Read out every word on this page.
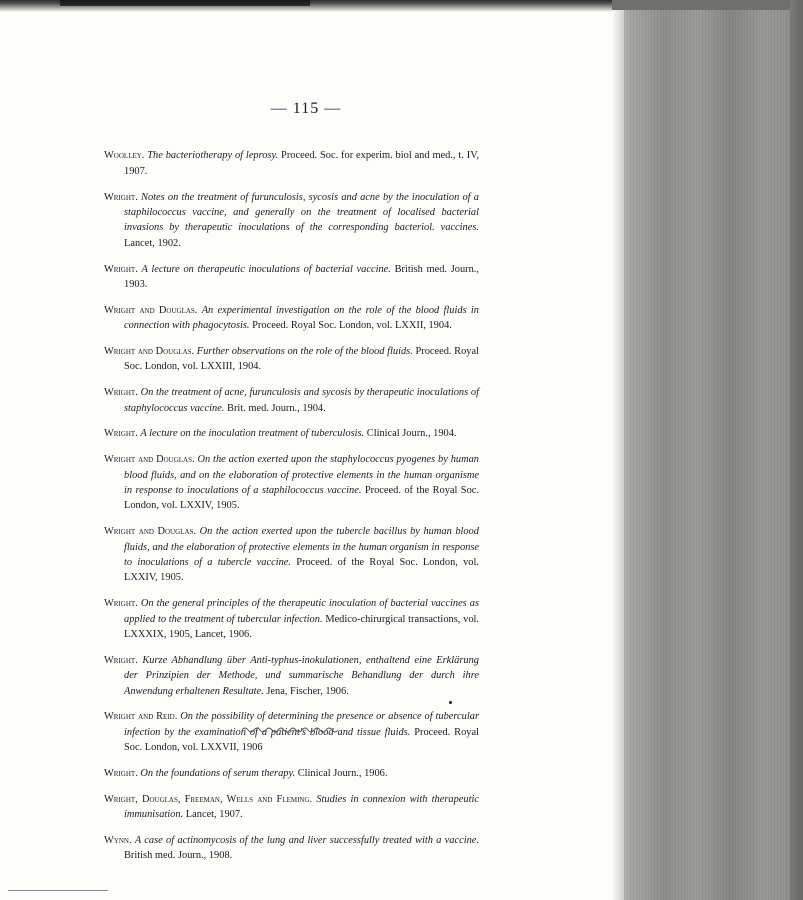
— 115 —

Woolley. The bacteriotherapy of leprosy. Proceed. Soc. for experim. biol and med., t. IV, 1907.

Wright. Notes on the treatment of furunculosis, sycosis and acne by the inoculation of a staphilococcus vaccine, and generally on the treatment of localised bacterial invasions by therapeutic inoculations of the corresponding bacteriol. vaccines. Lancet, 1902.

Wright. A lecture on therapeutic inoculations of bacterial vaccine. British med. Journ., 1903.

Wright and Douglas. An experimental investigation on the role of the blood fluids in connection with phagocytosis. Proceed. Royal Soc. London, vol. LXXII, 1904.

Wright and Douglas. Further observations on the role of the blood fluids. Proceed. Royal Soc. London, vol. LXXIII, 1904.

Wright. On the treatment of acne, furunculosis and sycosis by therapeutic inoculations of staphylococcus vaccine. Brit. med. Journ., 1904.

Wright. A lecture on the inoculation treatment of tuberculosis. Clinical Journ., 1904.

Wright and Douglas. On the action exerted upon the staphylococcus pyogenes by human blood fluids, and on the elaboration of protective elements in the human organisme in response to inoculations of a staphilococcus vaccine. Proceed. of the Royal Soc. London, vol. LXXIV, 1905.

Wright and Douglas. On the action exerted upon the tubercle bacillus by human blood fluids, and the elaboration of protective elements in the human organism in response to inoculations of a tubercle vaccine. Proceed. of the Royal Soc. London, vol. LXXIV, 1905.

Wright. On the general principles of the therapeutic inoculation of bacterial vaccines as applied to the treatment of tubercular infection. Medico-chirurgical transactions, vol. LXXXIX, 1905, Lancet, 1906.

Wright. Kurze Abhandlung über Anti-typhus-inokulationen, enthaltend eine Erklärung der Prinzipien der Methode, und summarische Behandlung der durch ihre Anwendung erhaltenen Resultate. Jena, Fischer, 1906.

Wright and Reid. On the possibility of determining the presence or absence of tubercular infection by the examination of a patient's blood and tissue fluids. Proceed. Royal Soc. London, vol. LXXVII, 1906

Wright. On the foundations of serum therapy. Clinical Journ., 1906.

Wright, Douglas, Freeman, Wells and Fleming. Studies in connexion with therapeutic immunisation. Lancet, 1907.

Wynn. A case of actinomycosis of the lung and liver successfully treated with a vaccine. British med. Journ., 1908.
